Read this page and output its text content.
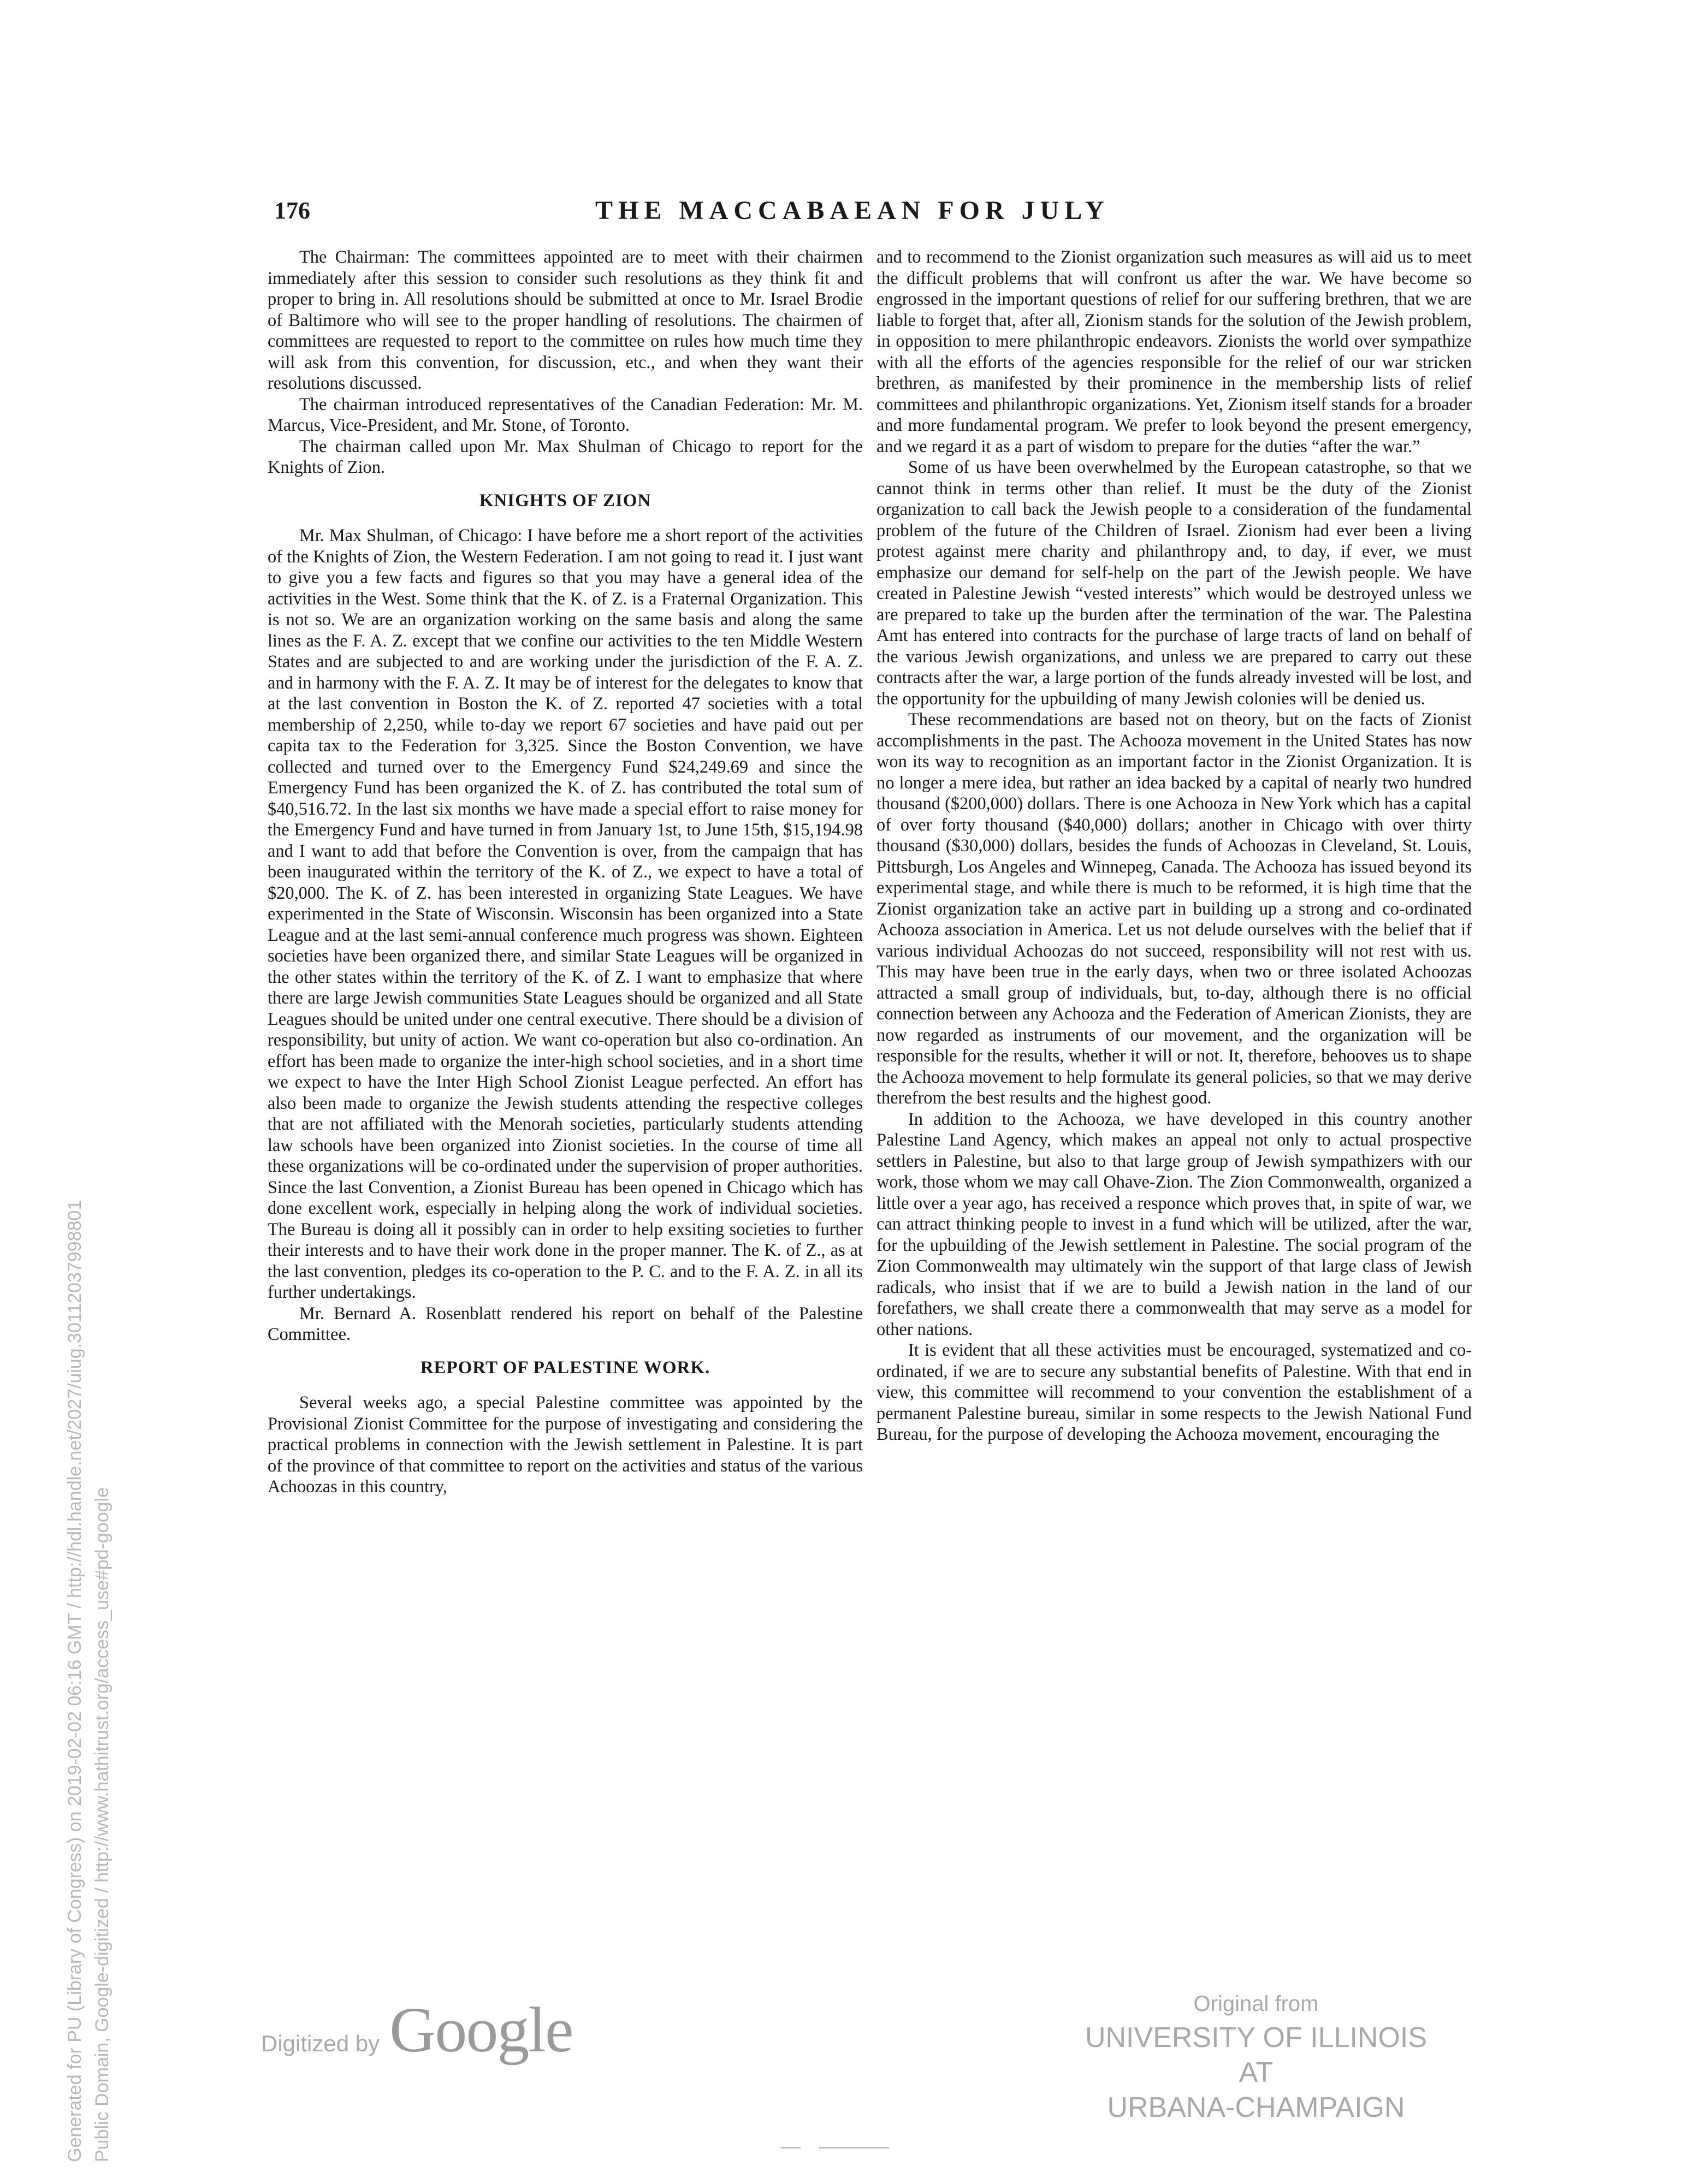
176	THE MACCABAEAN FOR JULY

The Chairman: The committees appointed are to meet with their chairmen immediately after this session to consider such resolutions as they think fit and proper to bring in. All resolutions should be submitted at once to Mr. Israel Brodie of Baltimore who will see to the proper handling of resolutions. The chairmen of committees are requested to report to the committee on rules how much time they will ask from this convention, for discussion, etc., and when they want their resolutions discussed.

The chairman introduced representatives of the Canadian Federation: Mr. M. Marcus, Vice-President, and Mr. Stone, of Toronto.

The chairman called upon Mr. Max Shulman of Chicago to report for the Knights of Zion.

KNIGHTS OF ZION

Mr. Max Shulman, of Chicago: I have before me a short report of the activities of the Knights of Zion, the Western Federation. I am not going to read it. I just want to give you a few facts and figures so that you may have a general idea of the activities in the West. Some think that the K. of Z. is a Fraternal Organization. This is not so. We are an organization working on the same basis and along the same lines as the F. A. Z. except that we confine our activities to the ten Middle Western States and are subjected to and are working under the jurisdiction of the F. A. Z. and in harmony with the F. A. Z. It may be of interest for the delegates to know that at the last convention in Boston the K. of Z. reported 47 societies with a total membership of 2,250, while to-day we report 67 societies and have paid out per capita tax to the Federation for 3,325. Since the Boston Convention, we have collected and turned over to the Emergency Fund $24,249.69 and since the Emergency Fund has been organized the K. of Z. has contributed the total sum of $40,516.72. In the last six months we have made a special effort to raise money for the Emergency Fund and have turned in from January 1st, to June 15th, $15,194.98 and I want to add that before the Convention is over, from the campaign that has been inaugurated within the territory of the K. of Z., we expect to have a total of $20,000. The K. of Z. has been interested in organizing State Leagues. We have experimented in the State of Wisconsin. Wisconsin has been organized into a State League and at the last semi-annual conference much progress was shown. Eighteen societies have been organized there, and similar State Leagues will be organized in the other states within the territory of the K. of Z. I want to emphasize that where there are large Jewish communities State Leagues should be organized and all State Leagues should be united under one central executive. There should be a division of responsibility, but unity of action. We want co-operation but also co-ordination. An effort has been made to organize the inter-high school societies, and in a short time we expect to have the Inter High School Zionist League perfected. An effort has also been made to organize the Jewish students attending the respective colleges that are not affiliated with the Menorah societies, particularly students attending law schools have been organized into Zionist societies. In the course of time all these organizations will be co-ordinated under the supervision of proper authorities. Since the last Convention, a Zionist Bureau has been opened in Chicago which has done excellent work, especially in helping along the work of individual societies. The Bureau is doing all it possibly can in order to help exsiting societies to further their interests and to have their work done in the proper manner. The K. of Z., as at the last convention, pledges its co-operation to the P. C. and to the F. A. Z. in all its further undertakings.

Mr. Bernard A. Rosenblatt rendered his report on behalf of the Palestine Committee.

REPORT OF PALESTINE WORK.

Several weeks ago, a special Palestine committee was appointed by the Provisional Zionist Committee for the purpose of investigating and considering the practical problems in connection with the Jewish settlement in Palestine. It is part of the province of that committee to report on the activities and status of the various Achoozas in this country,

and to recommend to the Zionist organization such measures as will aid us to meet the difficult problems that will confront us after the war. We have become so engrossed in the important questions of relief for our suffering brethren, that we are liable to forget that, after all, Zionism stands for the solution of the Jewish problem, in opposition to mere philanthropic endeavors. Zionists the world over sympathize with all the efforts of the agencies responsible for the relief of our war stricken brethren, as manifested by their prominence in the membership lists of relief committees and philanthropic organizations. Yet, Zionism itself stands for a broader and more fundamental program. We prefer to look beyond the present emergency, and we regard it as a part of wisdom to prepare for the duties “after the war.”

Some of us have been overwhelmed by the European catastrophe, so that we cannot think in terms other than relief. It must be the duty of the Zionist organization to call back the Jewish people to a consideration of the fundamental problem of the future of the Children of Israel. Zionism had ever been a living protest against mere charity and philanthropy and, to day, if ever, we must emphasize our demand for self-help on the part of the Jewish people. We have created in Palestine Jewish “vested interests” which would be destroyed unless we are prepared to take up the burden after the termination of the war. The Palestina Amt has entered into contracts for the purchase of large tracts of land on behalf of the various Jewish organizations, and unless we are prepared to carry out these contracts after the war, a large portion of the funds already invested will be lost, and the opportunity for the upbuilding of many Jewish colonies will be denied us.

These recommendations are based not on theory, but on the facts of Zionist accomplishments in the past. The Achooza movement in the United States has now won its way to recognition as an important factor in the Zionist Organization. It is no longer a mere idea, but rather an idea backed by a capital of nearly two hundred thousand ($200,000) dollars. There is one Achooza in New York which has a capital of over forty thousand ($40,000) dollars; another in Chicago with over thirty thousand ($30,000) dollars, besides the funds of Achoozas in Cleveland, St. Louis, Pittsburgh, Los Angeles and Winnepeg, Canada. The Achooza has issued beyond its experimental stage, and while there is much to be reformed, it is high time that the Zionist organization take an active part in building up a strong and co-ordinated Achooza association in America. Let us not delude ourselves with the belief that if various individual Achoozas do not succeed, responsibility will not rest with us. This may have been true in the early days, when two or three isolated Achoozas attracted a small group of individuals, but, to-day, although there is no official connection between any Achooza and the Federation of American Zionists, they are now regarded as instruments of our movement, and the organization will be responsible for the results, whether it will or not. It, therefore, behooves us to shape the Achooza movement to help formulate its general policies, so that we may derive therefrom the best results and the highest good.

In addition to the Achooza, we have developed in this country another Palestine Land Agency, which makes an appeal not only to actual prospective settlers in Palestine, but also to that large group of Jewish sympathizers with our work, those whom we may call Ohave-Zion. The Zion Commonwealth, organized a little over a year ago, has received a responce which proves that, in spite of war, we can attract thinking people to invest in a fund which will be utilized, after the war, for the upbuilding of the Jewish settlement in Palestine. The social program of the Zion Commonwealth may ultimately win the support of that large class of Jewish radicals, who insist that if we are to build a Jewish nation in the land of our forefathers, we shall create there a commonwealth that may serve as a model for other nations.

It is evident that all these activities must be encouraged, systematized and co-ordinated, if we are to secure any substantial benefits of Palestine. With that end in view, this committee will recommend to your convention the establishment of a permanent Palestine bureau, similar in some respects to the Jewish National Fund Bureau, for the purpose of developing the Achooza movement, encouraging the

Generated for PU (Library of Congress) on 2019-02-02 06:16 GMT / http://hdl.handle.net/2027/uiug.30112037998801 Public Domain, Google-digitized / http://www.hathitrust.org/access_use#pd-google	Digitized by Google	Original from
UNIVERSITY OF ILLINOIS AT
URBANA-CHAMPAIGN
